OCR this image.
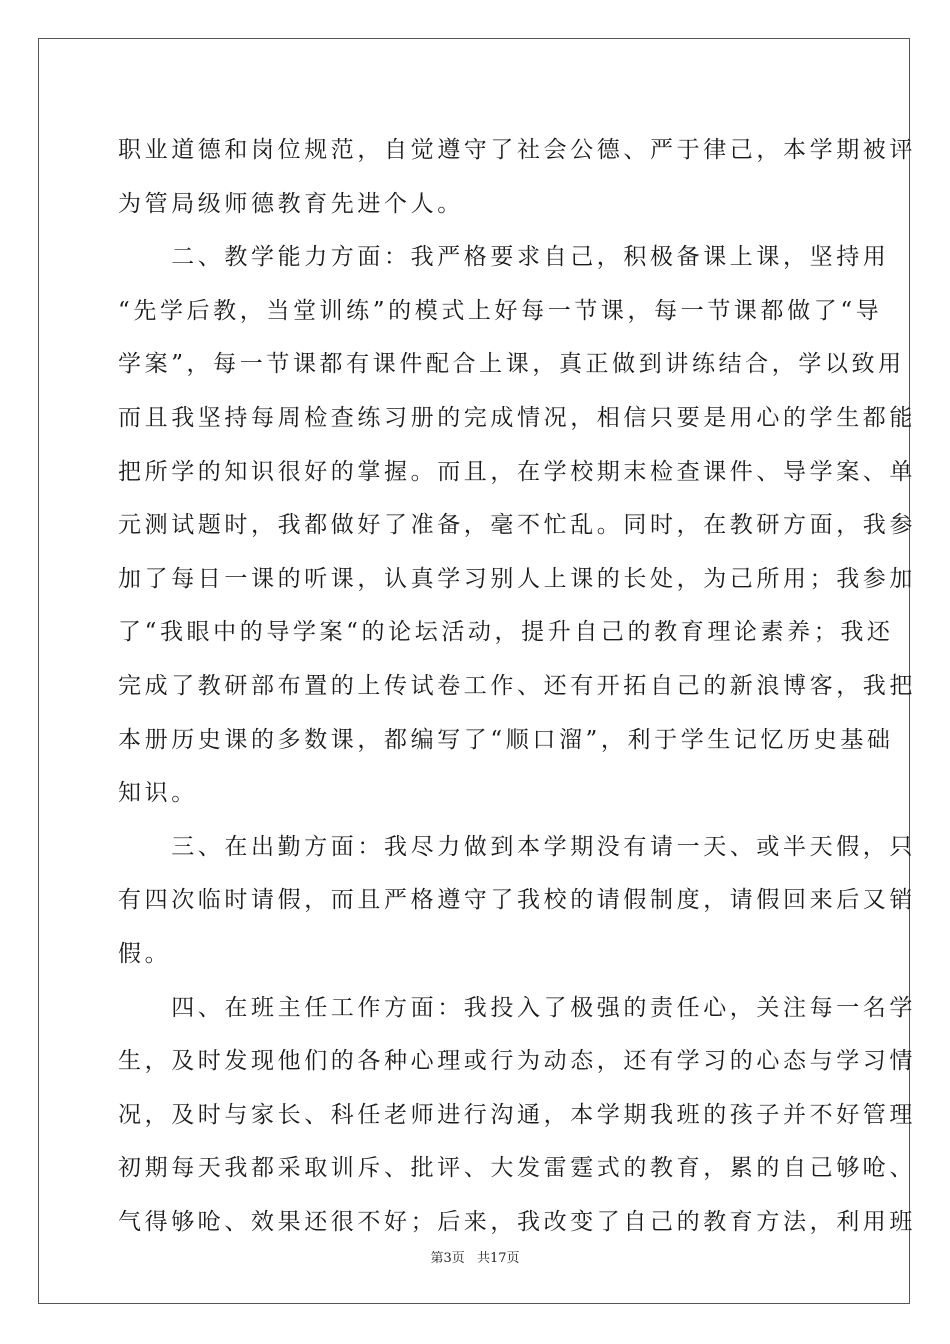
职业道德和岗位规范，自觉遵守了社会公德、严于律己，本学期被评
为管局级师德教育先进个人。
　　二、教学能力方面：我严格要求自己，积极备课上课，坚持用
“先学后教，当堂训练”的模式上好每一节课，每一节课都做了“导
学案”，每一节课都有课件配合上课，真正做到讲练结合，学以致用
而且我坚持每周检查练习册的完成情况，相信只要是用心的学生都能
把所学的知识很好的掌握。而且，在学校期末检查课件、导学案、单
元测试题时，我都做好了准备，毫不忙乱。同时，在教研方面，我参
加了每日一课的听课，认真学习别人上课的长处，为己所用；我参加
了“我眼中的导学案“的论坛活动，提升自己的教育理论素养；我还
完成了教研部布置的上传试卷工作、还有开拓自己的新浪博客，我把
本册历史课的多数课，都编写了“顺口溜”，利于学生记忆历史基础
知识。
　　三、在出勤方面：我尽力做到本学期没有请一天、或半天假，只
有四次临时请假，而且严格遵守了我校的请假制度，请假回来后又销
假。
　　四、在班主任工作方面：我投入了极强的责任心，关注每一名学
生，及时发现他们的各种心理或行为动态，还有学习的心态与学习情
况，及时与家长、科任老师进行沟通，本学期我班的孩子并不好管理
初期每天我都采取训斥、批评、大发雷霆式的教育，累的自己够呛、
气得够呛、效果还很不好；后来，我改变了自己的教育方法，利用班
第3页 共17页
